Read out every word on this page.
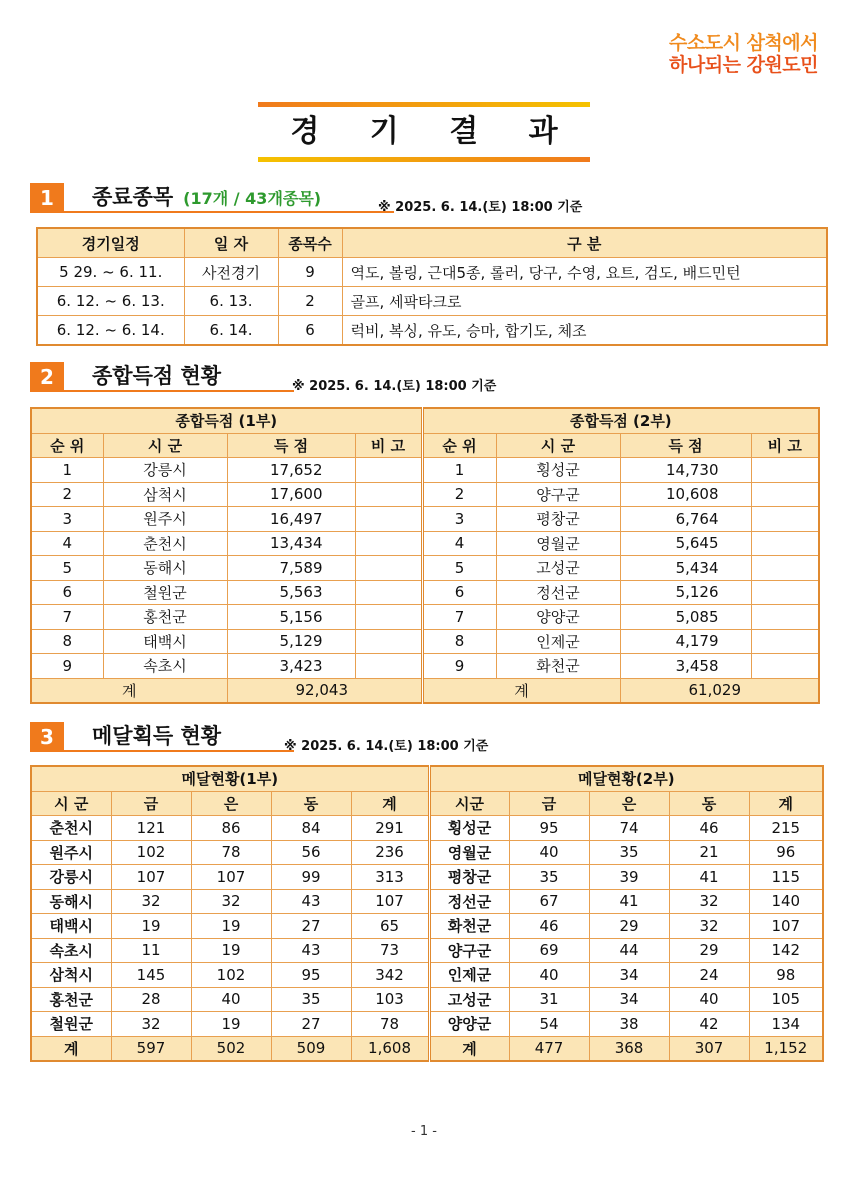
수소도시 삼척에서
하나되는 강원도민
경 기 결 과
1	종료종목 (17개 / 43개종목)	※ 2025. 6. 14.(토) 18:00 기준
경기일정	일 자	종목수	구 분
5 29. ~ 6. 11.	사전경기	9	역도, 볼링, 근대5종, 롤러, 당구, 수영, 요트, 검도, 배드민턴
6. 12. ~ 6. 13.	6. 13.	2	골프, 세팍타크로
6. 12. ~ 6. 14.	6. 14.	6	럭비, 복싱, 유도, 승마, 합기도, 체조
2	종합득점 현황	※ 2025. 6. 14.(토) 18:00 기준
종합득점 (1부)				종합득점 (2부)			
순 위	시 군	득 점	비 고	순 위	시 군	득 점	비 고
1	강릉시	17,652		1	횡성군	14,730	
2	삼척시	17,600		2	양구군	10,608	
3	원주시	16,497		3	평창군	6,764	
4	춘천시	13,434		4	영월군	5,645	
5	동해시	7,589		5	고성군	5,434	
6	철원군	5,563		6	정선군	5,126	
7	홍천군	5,156		7	양양군	5,085	
8	태백시	5,129		8	인제군	4,179	
9	속초시	3,423		9	화천군	3,458	
계		92,043		계		61,029	
3	메달획득 현황	※ 2025. 6. 14.(토) 18:00 기준
메달현황(1부)					메달현황(2부)				
시 군	금	은	동	계	시군	금	은	동	계
춘천시	121	86	84	291	횡성군	95	74	46	215
원주시	102	78	56	236	영월군	40	35	21	96
강릉시	107	107	99	313	평창군	35	39	41	115
동해시	32	32	43	107	정선군	67	41	32	140
태백시	19	19	27	65	화천군	46	29	32	107
속초시	11	19	43	73	양구군	69	44	29	142
삼척시	145	102	95	342	인제군	40	34	24	98
홍천군	28	40	35	103	고성군	31	34	40	105
철원군	32	19	27	78	양양군	54	38	42	134
계	597	502	509	1,608	계	477	368	307	1,152
- 1 -
